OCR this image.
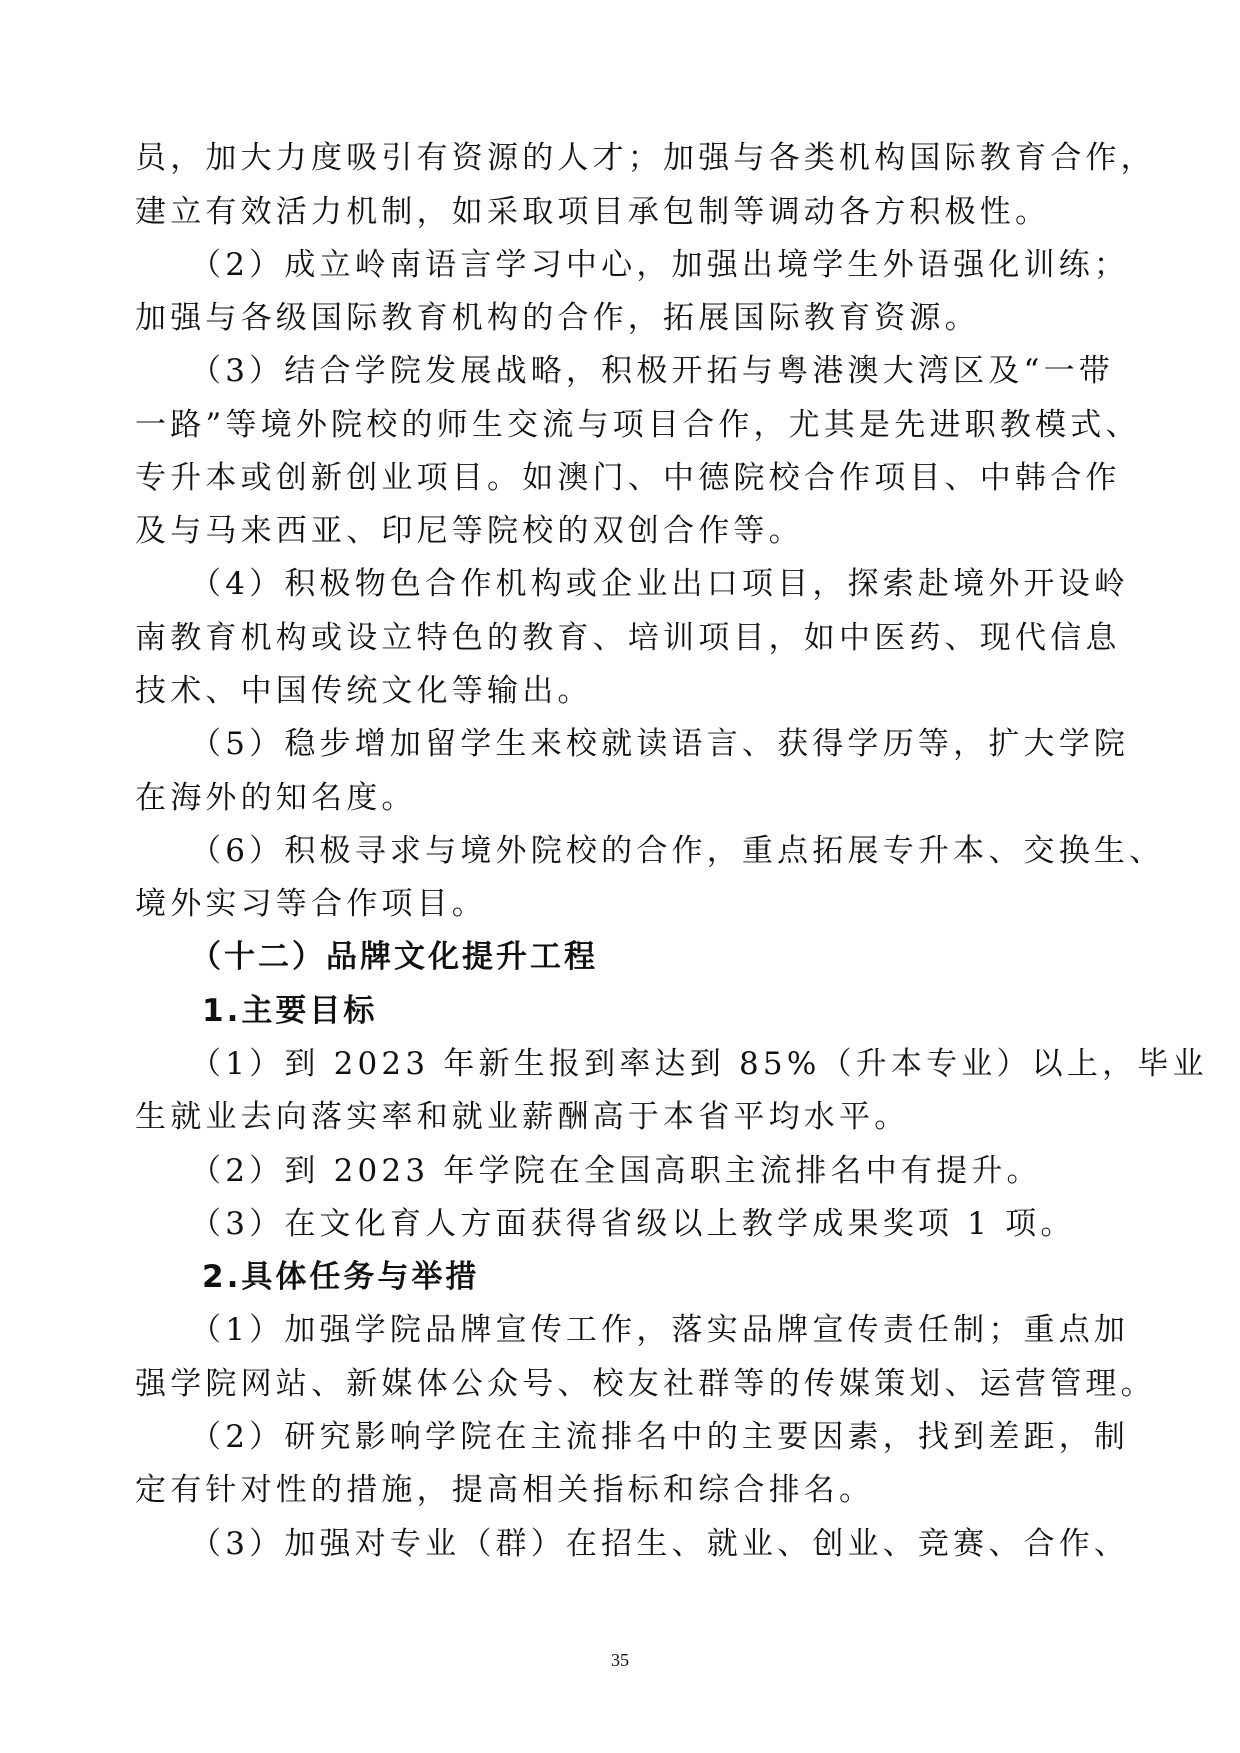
员，加大力度吸引有资源的人才；加强与各类机构国际教育合作，
建立有效活力机制，如采取项目承包制等调动各方积极性。
（2）成立岭南语言学习中心，加强出境学生外语强化训练；
加强与各级国际教育机构的合作，拓展国际教育资源。
（3）结合学院发展战略，积极开拓与粤港澳大湾区及“一带
一路”等境外院校的师生交流与项目合作，尤其是先进职教模式、
专升本或创新创业项目。如澳门、中德院校合作项目、中韩合作
及与马来西亚、印尼等院校的双创合作等。
（4）积极物色合作机构或企业出口项目，探索赴境外开设岭
南教育机构或设立特色的教育、培训项目，如中医药、现代信息
技术、中国传统文化等输出。
（5）稳步增加留学生来校就读语言、获得学历等，扩大学院
在海外的知名度。
（6）积极寻求与境外院校的合作，重点拓展专升本、交换生、
境外实习等合作项目。
（十二）品牌文化提升工程
1.主要目标
（1）到 2023 年新生报到率达到 85%（升本专业）以上，毕业
生就业去向落实率和就业薪酬高于本省平均水平。
（2）到 2023 年学院在全国高职主流排名中有提升。
（3）在文化育人方面获得省级以上教学成果奖项 1 项。
2.具体任务与举措
（1）加强学院品牌宣传工作，落实品牌宣传责任制；重点加
强学院网站、新媒体公众号、校友社群等的传媒策划、运营管理。
（2）研究影响学院在主流排名中的主要因素，找到差距，制
定有针对性的措施，提高相关指标和综合排名。
（3）加强对专业（群）在招生、就业、创业、竞赛、合作、
35
